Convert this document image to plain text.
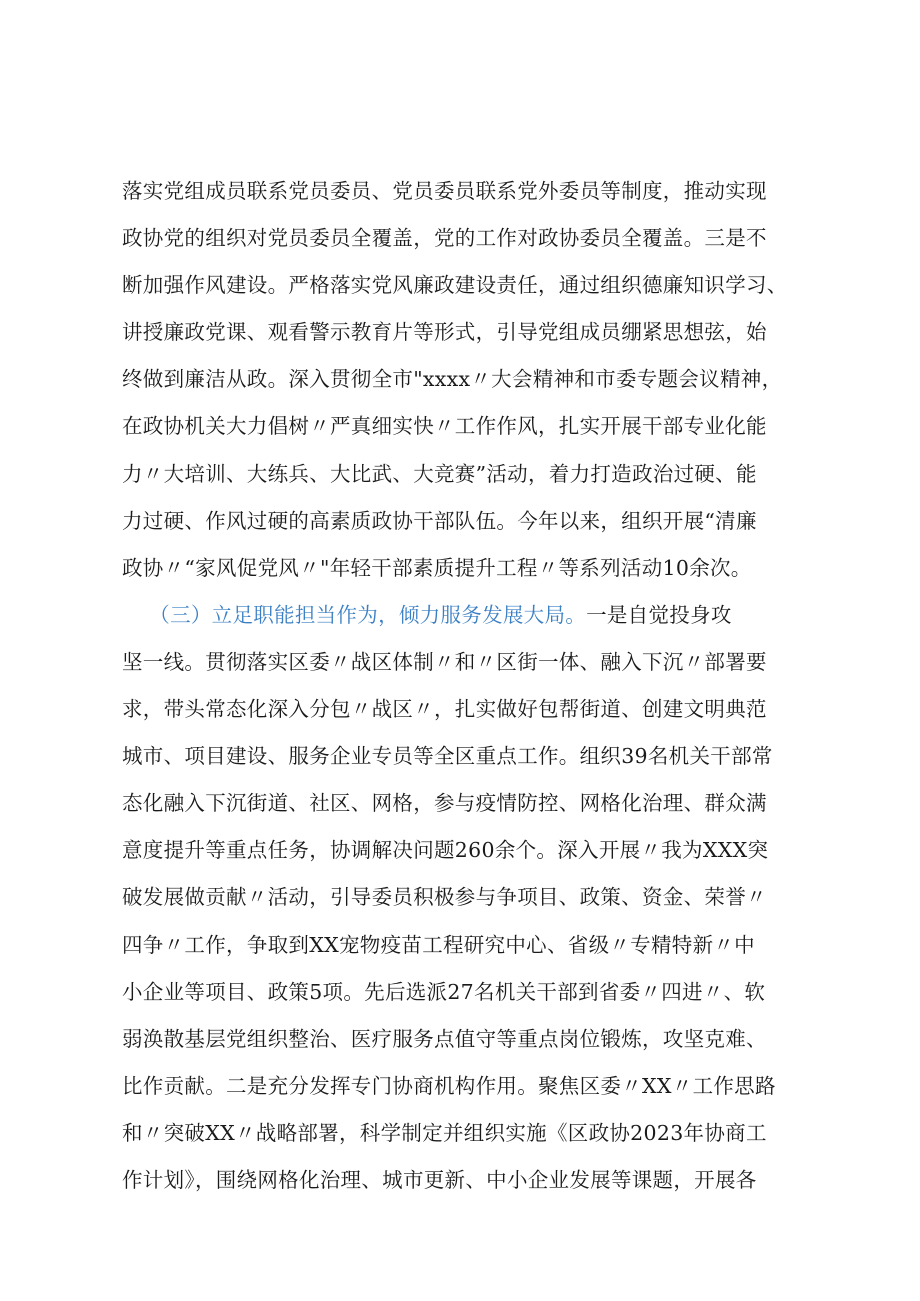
落实党组成员联系党员委员、党员委员联系党外委员等制度，推动实现
政协党的组织对党员委员全覆盖，党的工作对政协委员全覆盖。三是不
断加强作风建设。严格落实党风廉政建设责任，通过组织德廉知识学习、
讲授廉政党课、观看警示教育片等形式，引导党组成员绷紧思想弦，始
终做到廉洁从政。深入贯彻全市"xxxx〃大会精神和市委专题会议精神，
在政协机关大力倡树〃严真细实快〃工作作风，扎实开展干部专业化能
力〃大培训、大练兵、大比武、大竞赛”活动，着力打造政治过硬、能
力过硬、作风过硬的高素质政协干部队伍。今年以来，组织开展“清廉
政协〃“家风促党风〃"年轻干部素质提升工程〃等系列活动10余次。
（三）立足职能担当作为，倾力服务发展大局。一是自觉投身攻
坚一线。贯彻落实区委〃战区体制〃和〃区街一体、融入下沉〃部署要
求，带头常态化深入分包〃战区〃，扎实做好包帮街道、创建文明典范
城市、项目建设、服务企业专员等全区重点工作。组织39名机关干部常
态化融入下沉街道、社区、网格，参与疫情防控、网格化治理、群众满
意度提升等重点任务，协调解决问题260余个。深入开展〃我为XXX突
破发展做贡献〃活动，引导委员积极参与争项目、政策、资金、荣誉〃
四争〃工作，争取到XX宠物疫苗工程研究中心、省级〃专精特新〃中
小企业等项目、政策5项。先后选派27名机关干部到省委〃四进〃、软
弱涣散基层党组织整治、医疗服务点值守等重点岗位锻炼，攻坚克难、
比作贡献。二是充分发挥专门协商机构作用。聚焦区委〃XX〃工作思路
和〃突破XX〃战略部署，科学制定并组织实施《区政协2023年协商工
作计划》，围绕网格化治理、城市更新、中小企业发展等课题，开展各
